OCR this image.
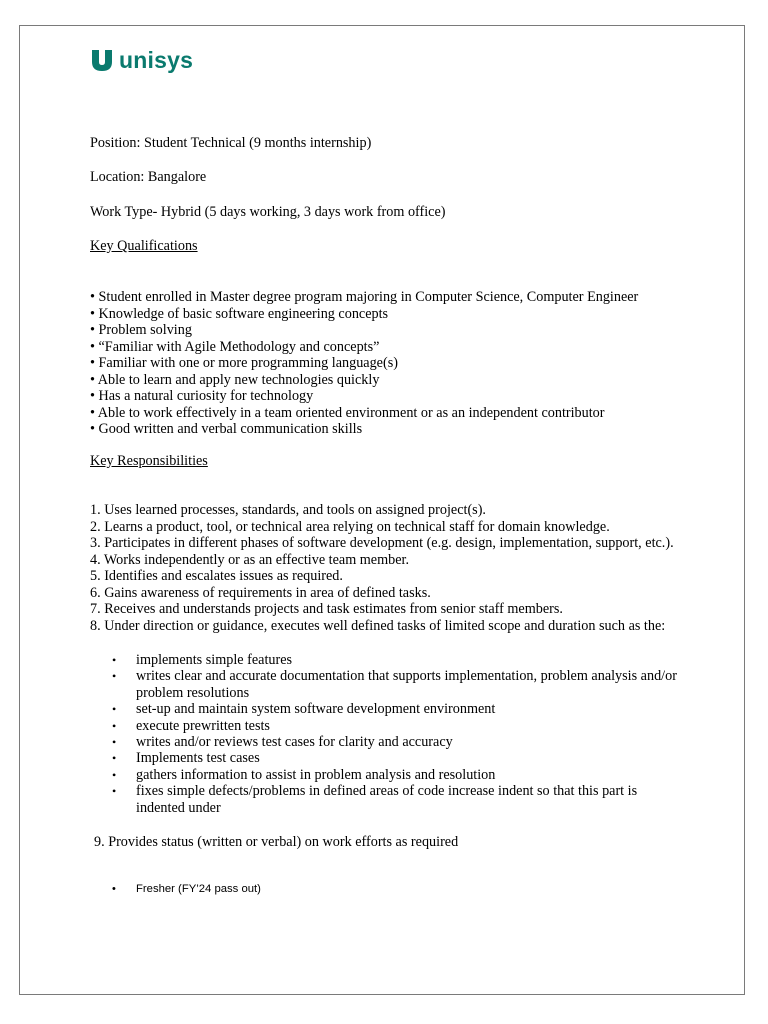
unisys
Position: Student Technical (9 months internship)
Location: Bangalore
Work Type- Hybrid (5 days working, 3 days work from office)
Key Qualifications
• Student enrolled in Master degree program majoring in Computer Science, Computer Engineer
• Knowledge of basic software engineering concepts
• Problem solving
• “Familiar with Agile Methodology and concepts”
• Familiar with one or more programming language(s)
• Able to learn and apply new technologies quickly
• Has a natural curiosity for technology
• Able to work effectively in a team oriented environment or as an independent contributor
• Good written and verbal communication skills
Key Responsibilities
1. Uses learned processes, standards, and tools on assigned project(s).
2. Learns a product, tool, or technical area relying on technical staff for domain knowledge.
3. Participates in different phases of software development (e.g. design, implementation, support, etc.).
4. Works independently or as an effective team member.
5. Identifies and escalates issues as required.
6. Gains awareness of requirements in area of defined tasks.
7. Receives and understands projects and task estimates from senior staff members.
8. Under direction or guidance, executes well defined tasks of limited scope and duration such as the:
• implements simple features
• writes clear and accurate documentation that supports implementation, problem analysis and/or problem resolutions
• set-up and maintain system software development environment
• execute prewritten tests
• writes and/or reviews test cases for clarity and accuracy
• Implements test cases
• gathers information to assist in problem analysis and resolution
• fixes simple defects/problems in defined areas of code increase indent so that this part is indented under
9. Provides status (written or verbal) on work efforts as required
• Fresher (FY’24 pass out)
